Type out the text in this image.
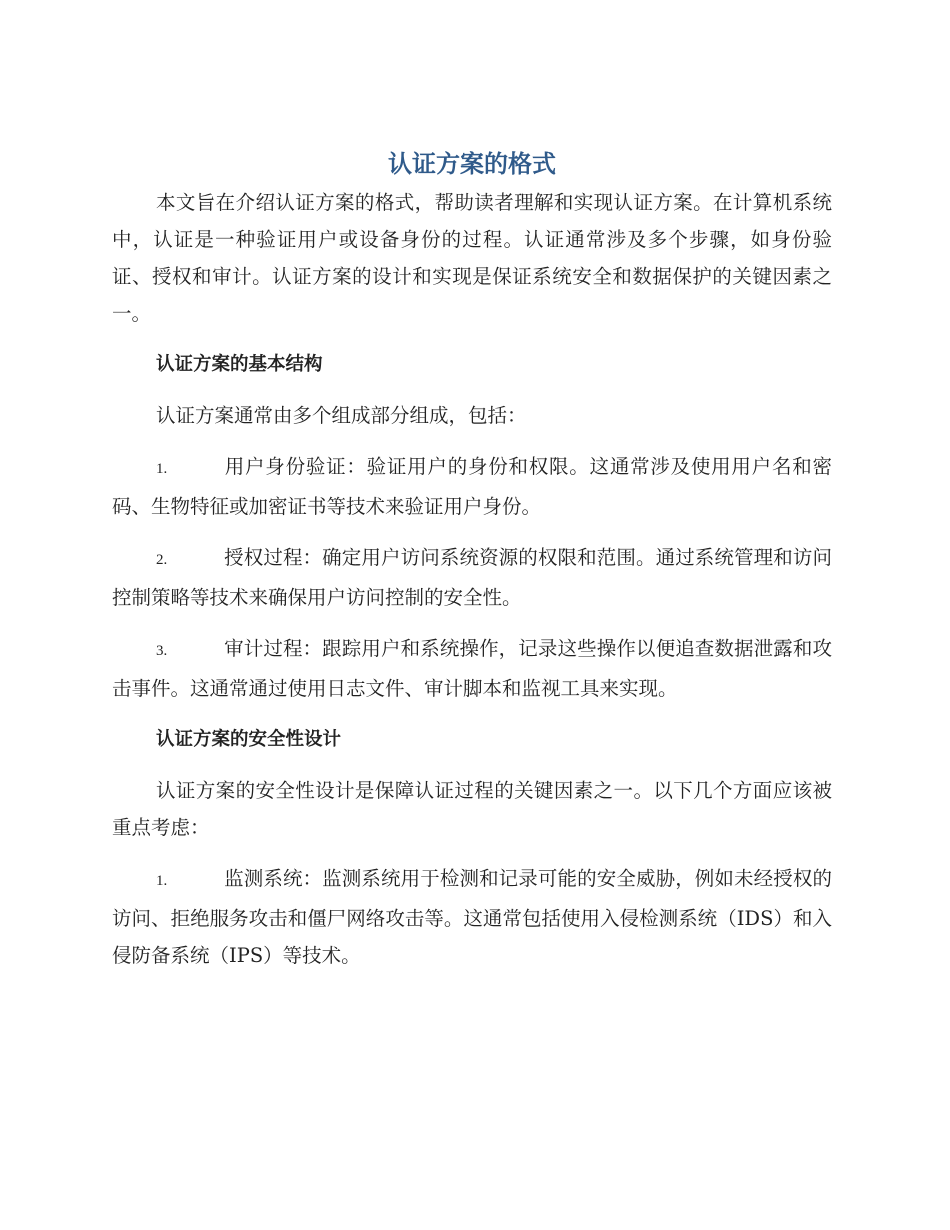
认证方案的格式

本文旨在介绍认证方案的格式，帮助读者理解和实现认证方案。在计算机系统中，认证是一种验证用户或设备身份的过程。认证通常涉及多个步骤，如身份验证、授权和审计。认证方案的设计和实现是保证系统安全和数据保护的关键因素之一。

认证方案的基本结构

认证方案通常由多个组成部分组成，包括：

1.	用户身份验证：验证用户的身份和权限。这通常涉及使用用户名和密码、生物特征或加密证书等技术来验证用户身份。

2.	授权过程：确定用户访问系统资源的权限和范围。通过系统管理和访问控制策略等技术来确保用户访问控制的安全性。

3.	审计过程：跟踪用户和系统操作，记录这些操作以便追查数据泄露和攻击事件。这通常通过使用日志文件、审计脚本和监视工具来实现。

认证方案的安全性设计

认证方案的安全性设计是保障认证过程的关键因素之一。以下几个方面应该被重点考虑：

1.	监测系统：监测系统用于检测和记录可能的安全威胁，例如未经授权的访问、拒绝服务攻击和僵尸网络攻击等。这通常包括使用入侵检测系统（IDS）和入侵防备系统（IPS）等技术。
